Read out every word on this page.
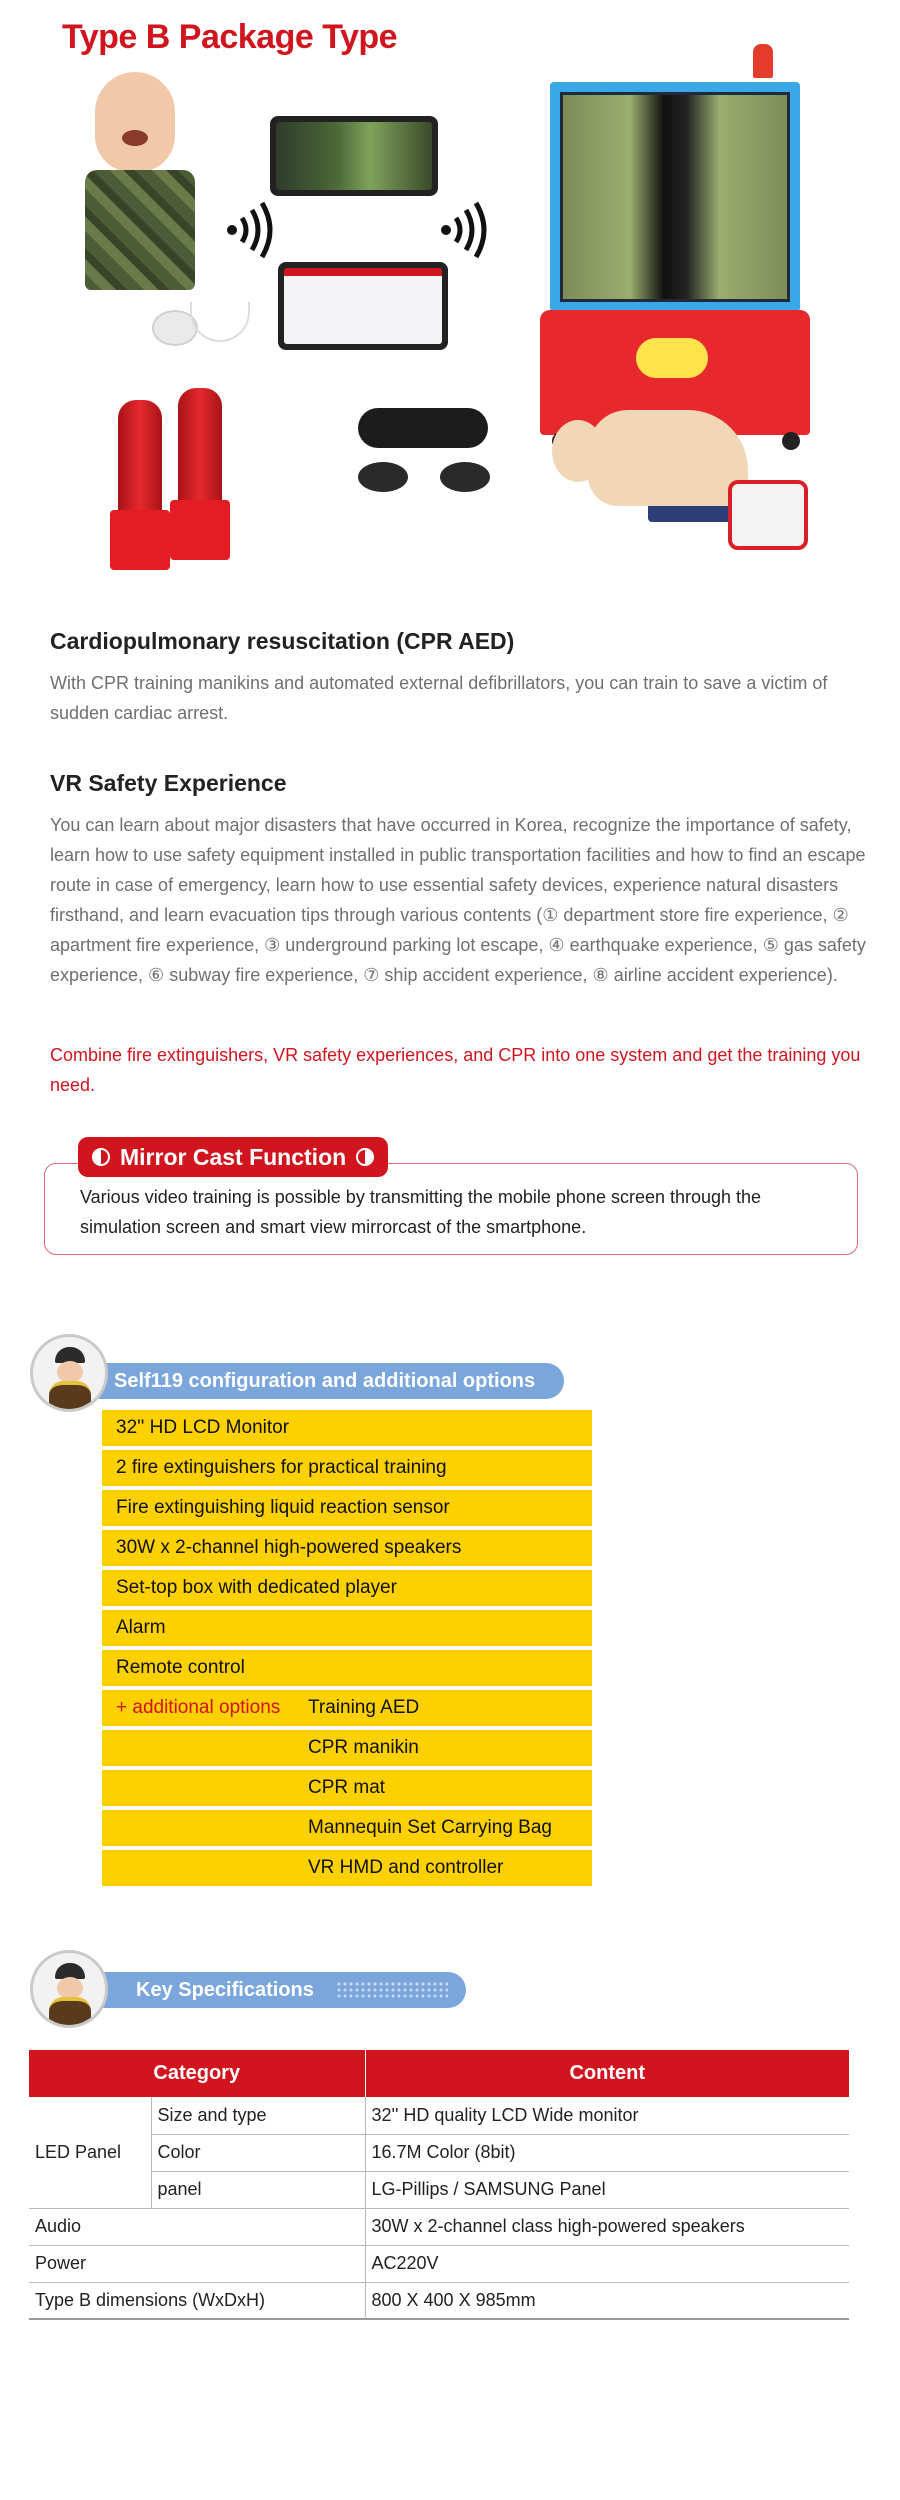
Type B Package Type
Cardiopulmonary resuscitation (CPR AED)

With CPR training manikins and automated external defibrillators, you can train to save a victim of sudden cardiac arrest.

VR Safety Experience

You can learn about major disasters that have occurred in Korea, recognize the importance of safety, learn how to use safety equipment installed in public transportation facilities and how to find an escape route in case of emergency, learn how to use essential safety devices, experience natural disasters firsthand, and learn evacuation tips through various contents (① department store fire experience, ② apartment fire experience, ③ underground parking lot escape, ④ earthquake experience, ⑤ gas safety experience, ⑥ subway fire experience, ⑦ ship accident experience, ⑧ airline accident experience).

Combine fire extinguishers, VR safety experiences, and CPR into one system and get the training you need.

Mirror Cast Function

Various video training is possible by transmitting the mobile phone screen through the simulation screen and smart view mirrorcast of the smartphone.

Self119 configuration and additional options
32'' HD LCD Monitor
2 fire extinguishers for practical training
Fire extinguishing liquid reaction sensor
30W x 2-channel high-powered speakers
Set-top box with dedicated player
Alarm
Remote control
+ additional options	Training AED
CPR manikin
CPR mat
Mannequin Set Carrying Bag
VR HMD and controller
Key Specifications
Category		Content
LED Panel	Size and type	32'' HD quality LCD Wide monitor
	Color	16.7M Color (8bit)
	panel	LG-Pillips / SAMSUNG Panel
Audio		30W x 2-channel class high-powered speakers
Power		AC220V
Type B dimensions (WxDxH)		800 X 400 X 985mm
